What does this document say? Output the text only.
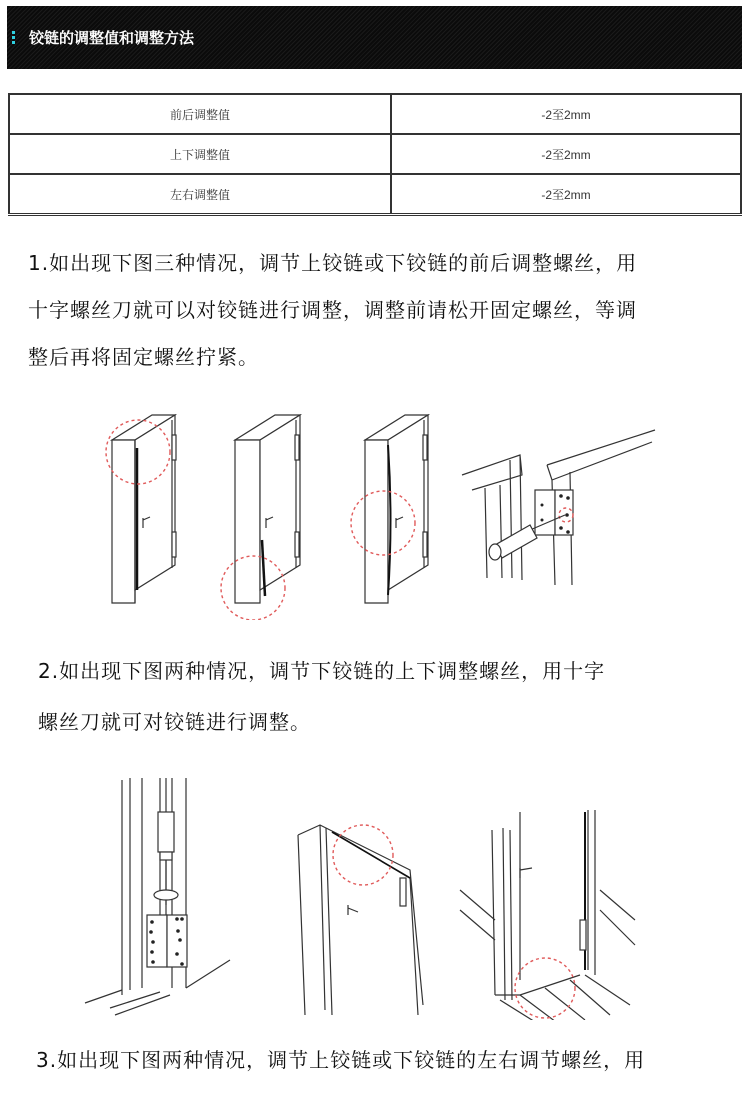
铰链的调整值和调整方法
前后调整值	-2至2mm
上下调整值	-2至2mm
左右调整值	-2至2mm

1.如出现下图三种情况，调节上铰链或下铰链的前后调整螺丝，用

十字螺丝刀就可以对铰链进行调整，调整前请松开固定螺丝，等调

整后再将固定螺丝拧紧。

2.如出现下图两种情况，调节下铰链的上下调整螺丝，用十字

螺丝刀就可对铰链进行调整。

3.如出现下图两种情况，调节上铰链或下铰链的左右调节螺丝，用
